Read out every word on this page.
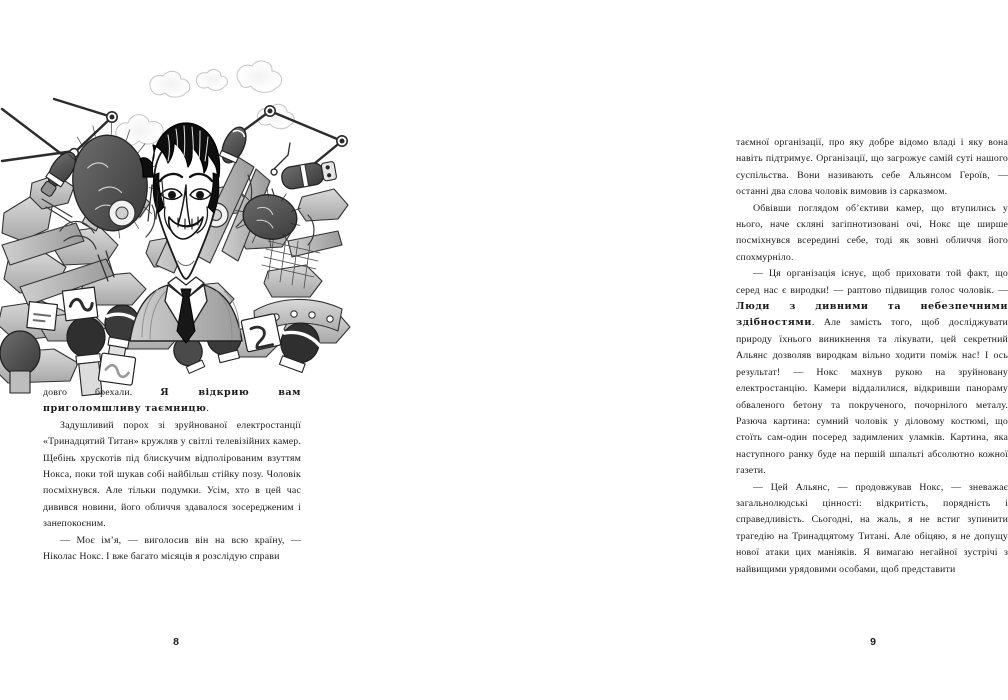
довго брехали. Я відкрию вам приголомшливу таємницю.

Задушливий порох зі зруйнованої електростанції «Тринадцятий Титан» кружляв у світлі телевізійних камер. Щебінь хрускотів під блискучим відполірованим взуттям Нокса, поки той шукав собі найбільш стійку позу. Чоловік посміхнувся. Але тільки подумки. Усім, хто в цей час дивився новини, його обличчя здавалося зосередженим і занепокоєним.

— Моє ім’я, — виголосив він на всю країну, — Ніколас Нокс. І вже багато місяців я розслідую справи

8

таємної організації, про яку добре відомо владі і яку вона навіть підтримує. Організації, що загрожує самій суті нашого суспільства. Вони називають себе Альянсом Героїв, — останні два слова чоловік вимовив із сарказмом.

Обвівши поглядом об’єктиви камер, що втупились у нього, наче скляні загіпнотизовані очі, Нокс ще ширше посміхнувся всередині себе, тоді як зовні обличчя його спохмурніло.

— Ця організація існує, щоб приховати той факт, що серед нас є виродки! — раптово підвищив голос чоловік. — Люди з дивними та небезпечними здібностями. Але замість того, щоб досліджувати природу їхнього виникнення та лікувати, цей секретний Альянс дозволяв виродкам вільно ходити поміж нас! І ось результат! — Нокс махнув рукою на зруйновану електростанцію. Камери віддалилися, відкривши панораму обваленого бетону та покрученого, почорнілого металу. Разюча картина: сумний чоловік у діловому костюмі, що стоїть сам-один посеред задимлених уламків. Картина, яка наступного ранку буде на першій шпальті абсолютно кожної газети.

— Цей Альянс, — продовжував Нокс, — зневажає загальнолюдські цінності: відкритість, порядність і справедливість. Сьогодні, на жаль, я не встиг зупинити трагедію на Тринадцятому Титані. Але обіцяю, я не допущу нової атаки цих маніяків. Я вимагаю негайної зустрічі з найвищими урядовими особами, щоб представити

9
